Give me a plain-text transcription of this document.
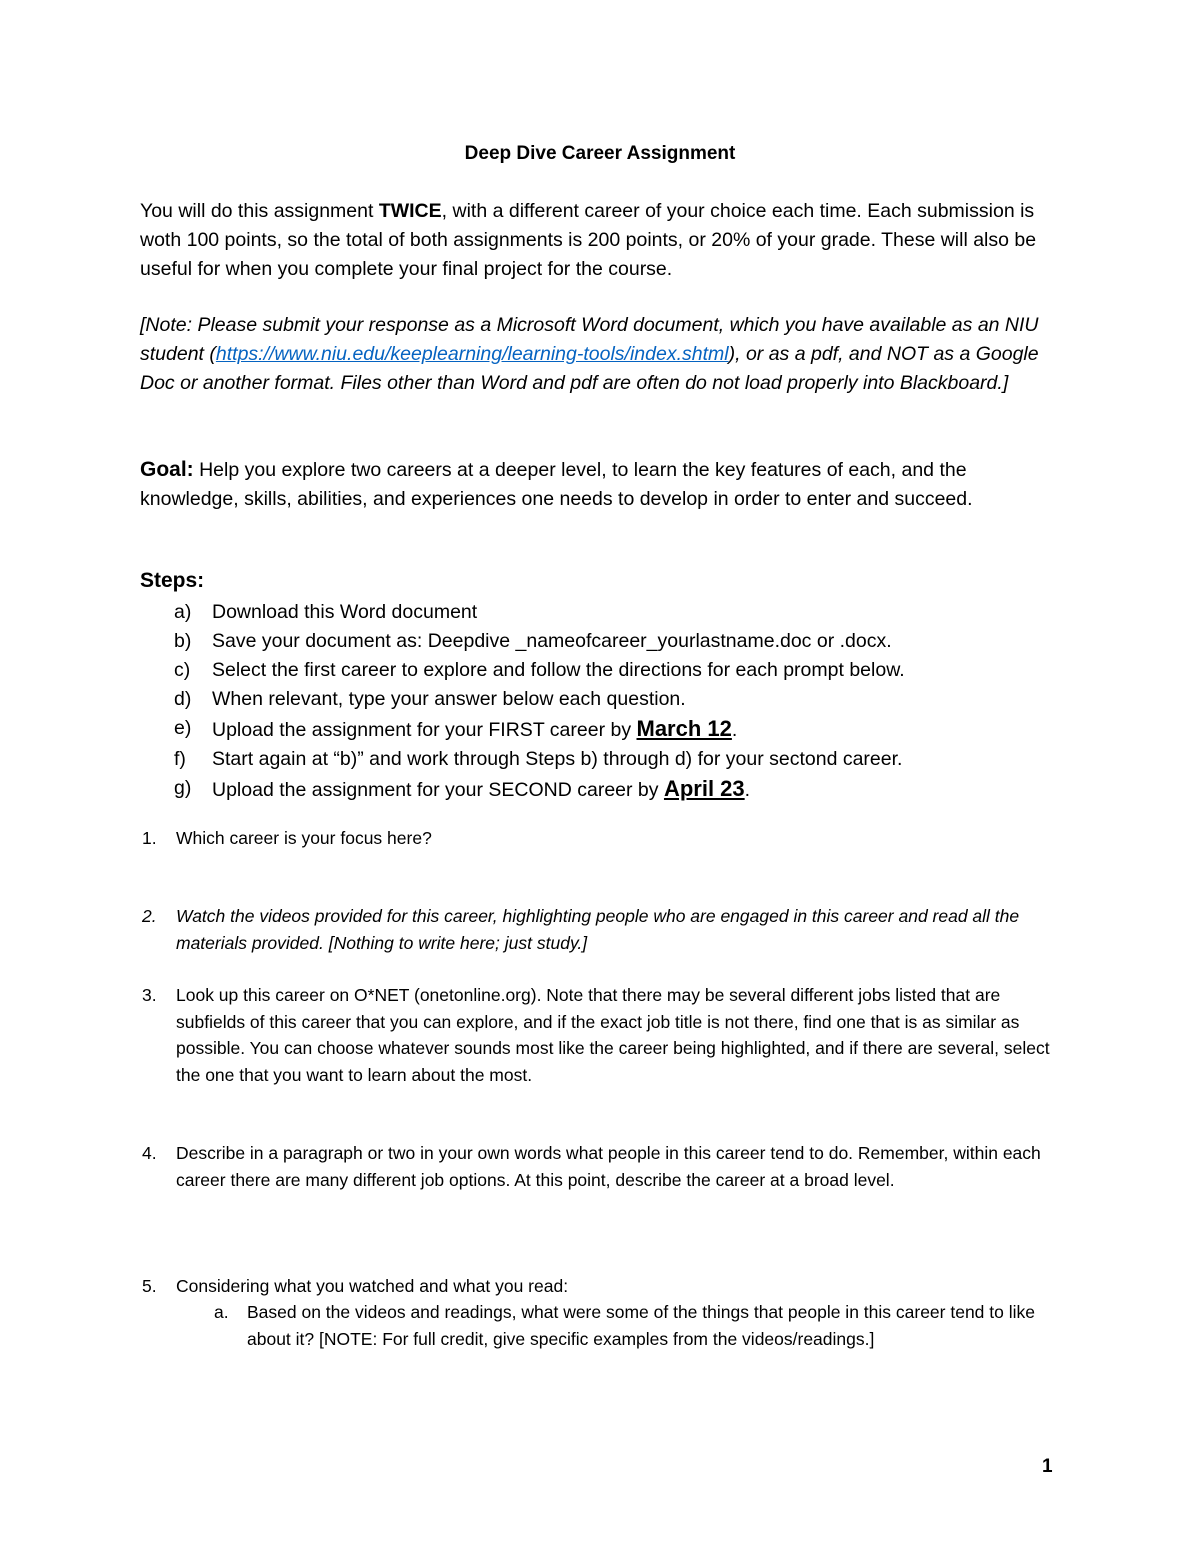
Deep Dive Career Assignment
You will do this assignment TWICE, with a different career of your choice each time. Each submission is woth 100 points, so the total of both assignments is 200 points, or 20% of your grade. These will also be useful for when you complete your final project for the course.
[Note: Please submit your response as a Microsoft Word document, which you have available as an NIU student (https://www.niu.edu/keeplearning/learning-tools/index.shtml), or as a pdf, and NOT as a Google Doc or another format. Files other than Word and pdf are often do not load properly into Blackboard.]
Goal: Help you explore two careers at a deeper level, to learn the key features of each, and the knowledge, skills, abilities, and experiences one needs to develop in order to enter and succeed.
Steps:
a) Download this Word document
b) Save your document as: Deepdive _nameofcareer_yourlastname.doc or .docx.
c) Select the first career to explore and follow the directions for each prompt below.
d) When relevant, type your answer below each question.
e) Upload the assignment for your FIRST career by March 12.
f) Start again at “b)” and work through Steps b) through d) for your sectond career.
g) Upload the assignment for your SECOND career by April 23.
1. Which career is your focus here?
2. Watch the videos provided for this career, highlighting people who are engaged in this career and read all the materials provided. [Nothing to write here; just study.]
3. Look up this career on O*NET (onetonline.org). Note that there may be several different jobs listed that are subfields of this career that you can explore, and if the exact job title is not there, find one that is as similar as possible. You can choose whatever sounds most like the career being highlighted, and if there are several, select the one that you want to learn about the most.
4. Describe in a paragraph or two in your own words what people in this career tend to do. Remember, within each career there are many different job options. At this point, describe the career at a broad level.
5. Considering what you watched and what you read:
a. Based on the videos and readings, what were some of the things that people in this career tend to like about it? [NOTE: For full credit, give specific examples from the videos/readings.]
1
